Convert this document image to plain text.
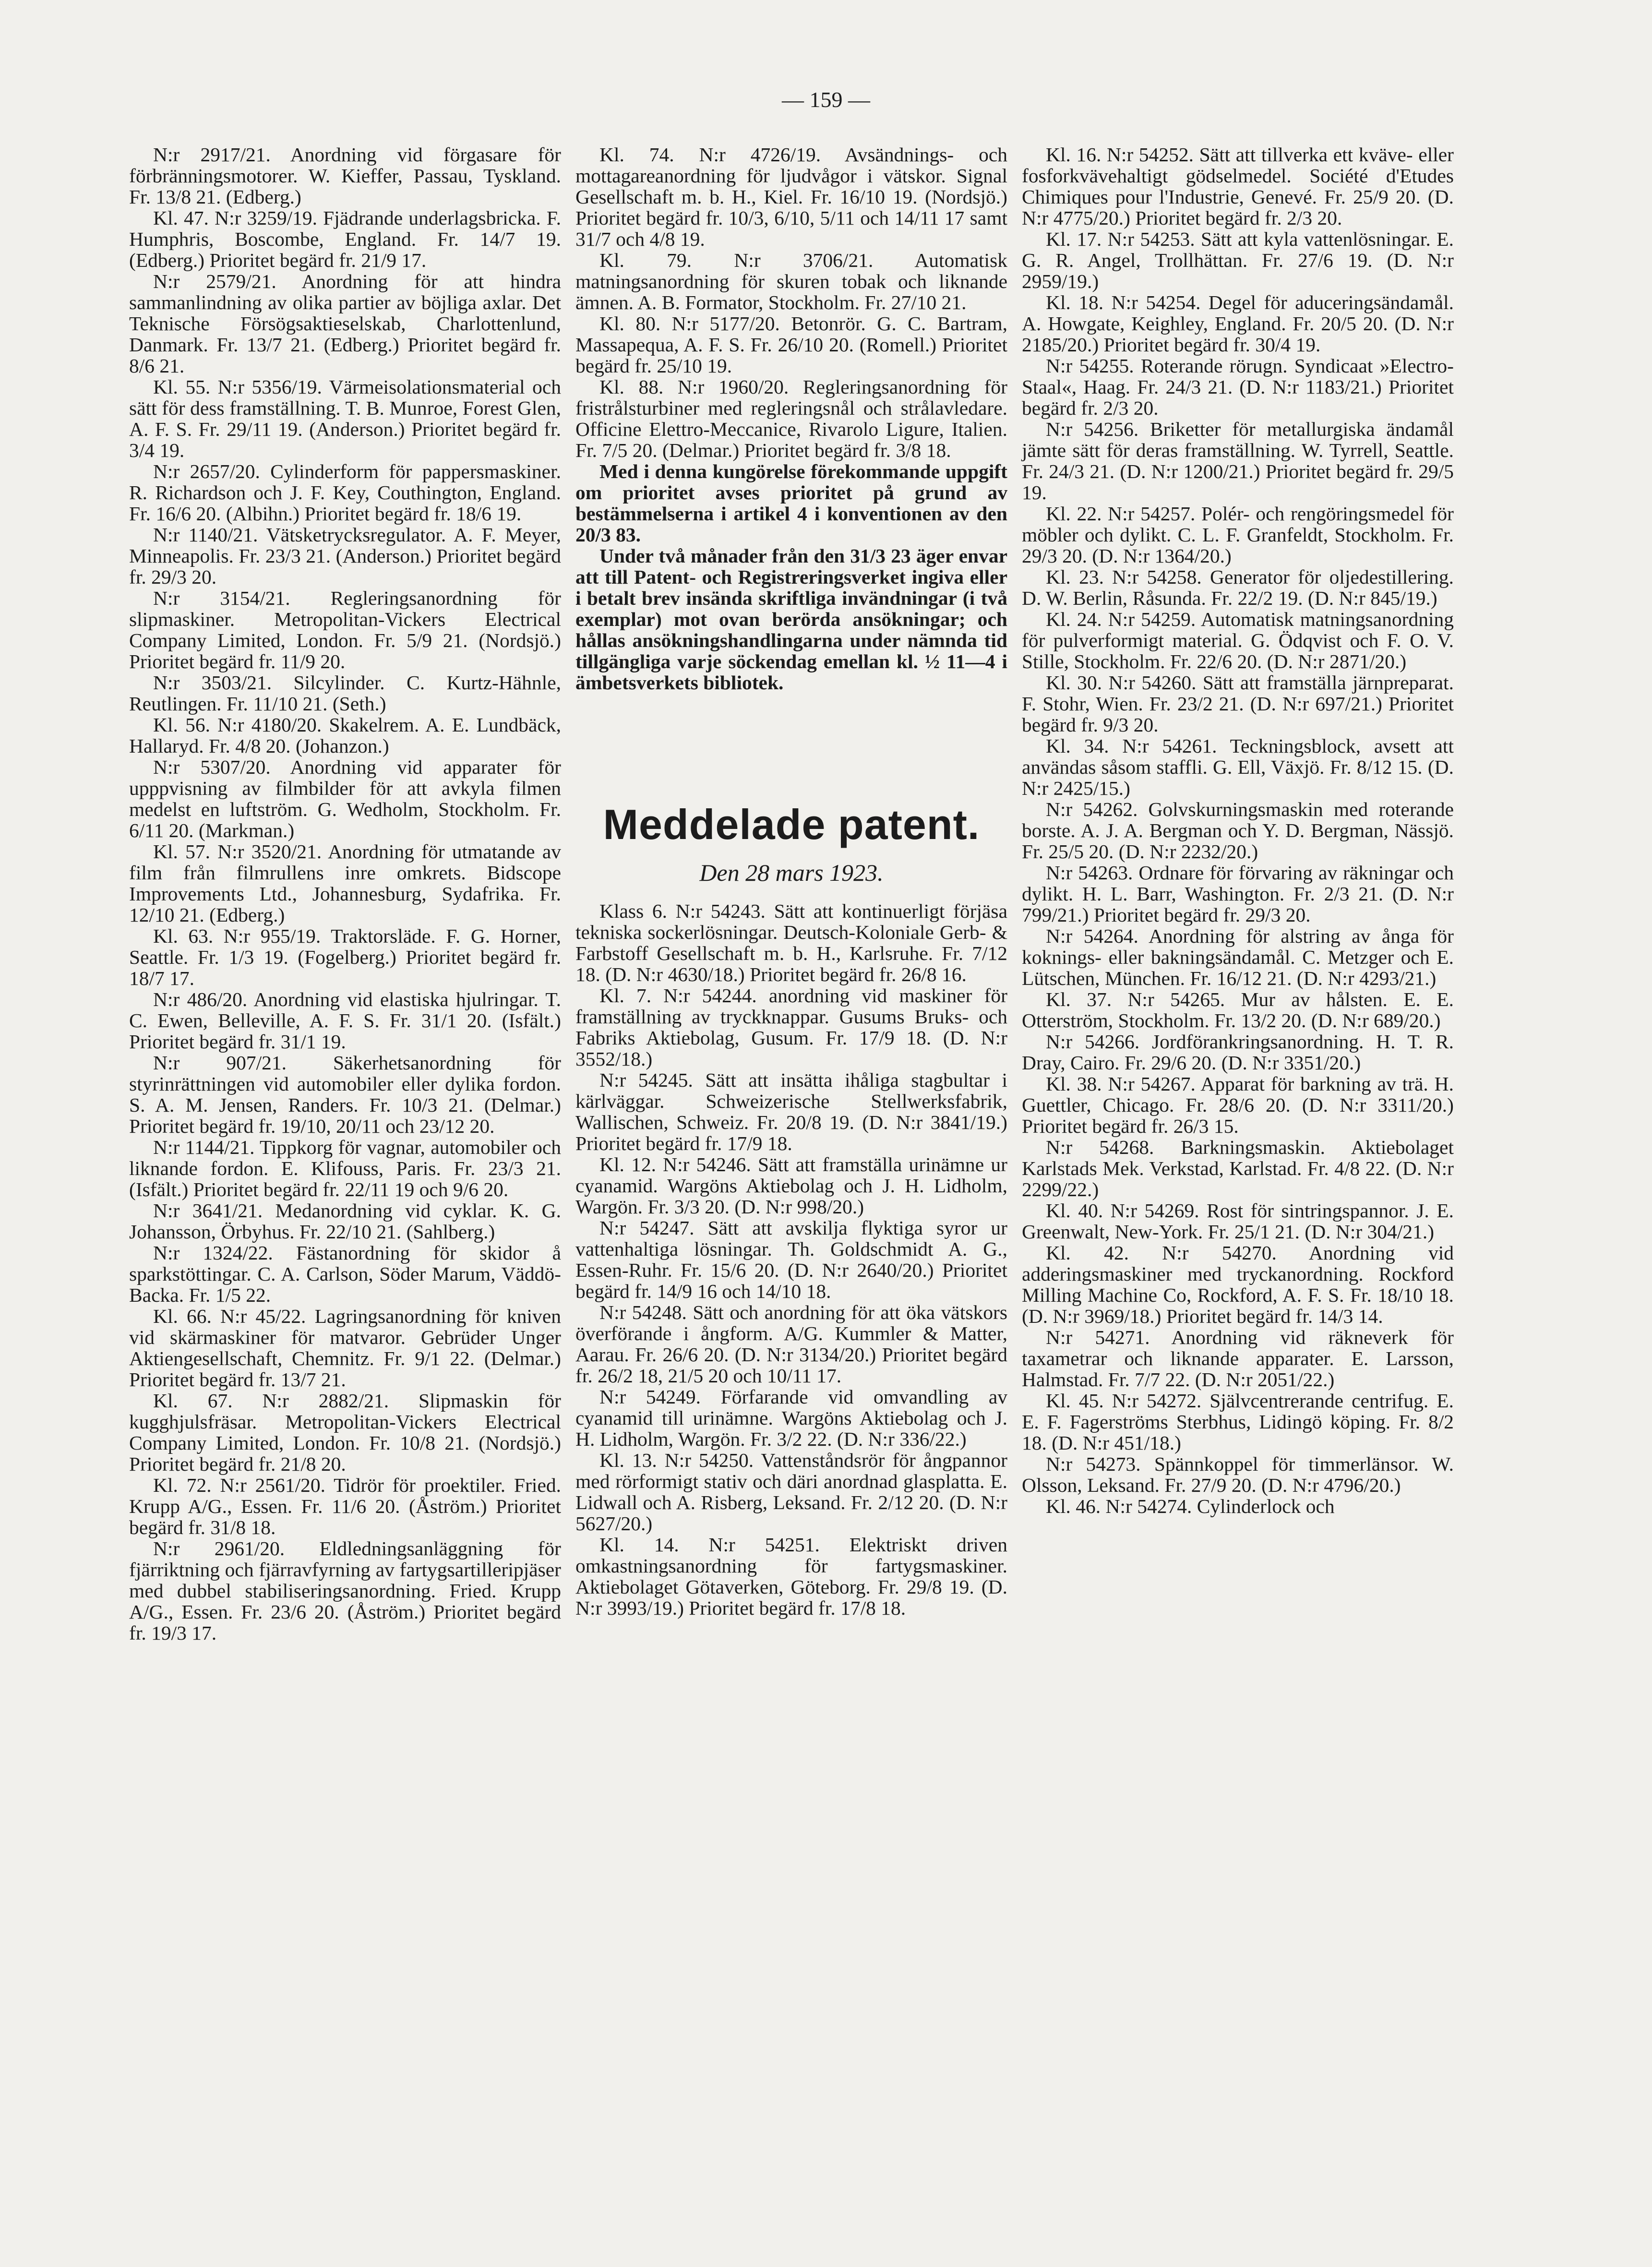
— 159 —

N:r 2917/21. Anordning vid förgasare för förbränningsmotorer. W. Kieffer, Passau, Tyskland. Fr. 13/8 21. (Edberg.)

Kl. 47. N:r 3259/19. Fjädrande underlagsbricka. F. Humphris, Boscombe, England. Fr. 14/7 19. (Edberg.) Prioritet begärd fr. 21/9 17.

N:r 2579/21. Anordning för att hindra sammanlindning av olika partier av böjliga axlar. Det Teknische Försögsaktieselskab, Charlottenlund, Danmark. Fr. 13/7 21. (Edberg.) Prioritet begärd fr. 8/6 21.

Kl. 55. N:r 5356/19. Värmeisolationsmaterial och sätt för dess framställning. T. B. Munroe, Forest Glen, A. F. S. Fr. 29/11 19. (Anderson.) Prioritet begärd fr. 3/4 19.

N:r 2657/20. Cylinderform för pappersmaskiner. R. Richardson och J. F. Key, Couthington, England. Fr. 16/6 20. (Albihn.) Prioritet begärd fr. 18/6 19.

N:r 1140/21. Vätsketrycksregulator. A. F. Meyer, Minneapolis. Fr. 23/3 21. (Anderson.) Prioritet begärd fr. 29/3 20.

N:r 3154/21. Regleringsanordning för slipmaskiner. Metropolitan-Vickers Electrical Company Limited, London. Fr. 5/9 21. (Nordsjö.) Prioritet begärd fr. 11/9 20.

N:r 3503/21. Silcylinder. C. Kurtz-Hähnle, Reutlingen. Fr. 11/10 21. (Seth.)

Kl. 56. N:r 4180/20. Skakelrem. A. E. Lundbäck, Hallaryd. Fr. 4/8 20. (Johanzon.)

N:r 5307/20. Anordning vid apparater för upppvisning av filmbilder för att avkyla filmen medelst en luftström. G. Wedholm, Stockholm. Fr. 6/11 20. (Markman.)

Kl. 57. N:r 3520/21. Anordning för utmatande av film från filmrullens inre omkrets. Bidscope Improvements Ltd., Johannesburg, Sydafrika. Fr. 12/10 21. (Edberg.)

Kl. 63. N:r 955/19. Traktorsläde. F. G. Horner, Seattle. Fr. 1/3 19. (Fogelberg.) Prioritet begärd fr. 18/7 17.

N:r 486/20. Anordning vid elastiska hjulringar. T. C. Ewen, Belleville, A. F. S. Fr. 31/1 20. (Isfält.) Prioritet begärd fr. 31/1 19.

N:r 907/21. Säkerhetsanordning för styrinrättningen vid automobiler eller dylika fordon. S. A. M. Jensen, Randers. Fr. 10/3 21. (Delmar.) Prioritet begärd fr. 19/10, 20/11 och 23/12 20.

N:r 1144/21. Tippkorg för vagnar, automobiler och liknande fordon. E. Klifouss, Paris. Fr. 23/3 21. (Isfält.) Prioritet begärd fr. 22/11 19 och 9/6 20.

N:r 3641/21. Medanordning vid cyklar. K. G. Johansson, Örbyhus. Fr. 22/10 21. (Sahlberg.)

N:r 1324/22. Fästanordning för skidor å sparkstöttingar. C. A. Carlson, Söder Marum, Väddö-Backa. Fr. 1/5 22.

Kl. 66. N:r 45/22. Lagringsanordning för kniven vid skärmaskiner för matvaror. Gebrüder Unger Aktiengesellschaft, Chemnitz. Fr. 9/1 22. (Delmar.) Prioritet begärd fr. 13/7 21.

Kl. 67. N:r 2882/21. Slipmaskin för kugghjulsfräsar. Metropolitan-Vickers Electrical Company Limited, London. Fr. 10/8 21. (Nordsjö.) Prioritet begärd fr. 21/8 20.

Kl. 72. N:r 2561/20. Tidrör för proektiler. Fried. Krupp A/G., Essen. Fr. 11/6 20. (Åström.) Prioritet begärd fr. 31/8 18.

N:r 2961/20. Eldledningsanläggning för fjärriktning och fjärravfyrning av fartygsartilleripjäser med dubbel stabiliseringsanordning. Fried. Krupp A/G., Essen. Fr. 23/6 20. (Åström.) Prioritet begärd fr. 19/3 17.

Kl. 74. N:r 4726/19. Avsändnings- och mottagareanordning för ljudvågor i vätskor. Signal Gesellschaft m. b. H., Kiel. Fr. 16/10 19. (Nordsjö.) Prioritet begärd fr. 10/3, 6/10, 5/11 och 14/11 17 samt 31/7 och 4/8 19.

Kl. 79. N:r 3706/21. Automatisk matningsanordning för skuren tobak och liknande ämnen. A. B. Formator, Stockholm. Fr. 27/10 21.

Kl. 80. N:r 5177/20. Betonrör. G. C. Bartram, Massapequa, A. F. S. Fr. 26/10 20. (Romell.) Prioritet begärd fr. 25/10 19.

Kl. 88. N:r 1960/20. Regleringsanordning för fristrålsturbiner med regleringsnål och strålavledare. Officine Elettro-Meccanice, Rivarolo Ligure, Italien. Fr. 7/5 20. (Delmar.) Prioritet begärd fr. 3/8 18.

Med i denna kungörelse förekommande uppgift om prioritet avses prioritet på grund av bestämmelserna i artikel 4 i konventionen av den 20/3 83.

Under två månader från den 31/3 23 äger envar att till Patent- och Registreringsverket ingiva eller i betalt brev insända skriftliga invändningar (i två exemplar) mot ovan berörda ansökningar; och hållas ansökningshandlingarna under nämnda tid tillgängliga varje söckendag emellan kl. ½ 11—4 i ämbetsverkets bibliotek.

Meddelade patent.
Den 28 mars 1923.

Klass 6. N:r 54243. Sätt att kontinuerligt förjäsa tekniska sockerlösningar. Deutsch-Koloniale Gerb- & Farbstoff Gesellschaft m. b. H., Karlsruhe. Fr. 7/12 18. (D. N:r 4630/18.) Prioritet begärd fr. 26/8 16.

Kl. 7. N:r 54244. anordning vid maskiner för framställning av tryckknappar. Gusums Bruks- och Fabriks Aktiebolag, Gusum. Fr. 17/9 18. (D. N:r 3552/18.)

N:r 54245. Sätt att insätta ihåliga stagbultar i kärlväggar. Schweizerische Stellwerksfabrik, Wallischen, Schweiz. Fr. 20/8 19. (D. N:r 3841/19.) Prioritet begärd fr. 17/9 18.

Kl. 12. N:r 54246. Sätt att framställa urinämne ur cyanamid. Wargöns Aktiebolag och J. H. Lidholm, Wargön. Fr. 3/3 20. (D. N:r 998/20.)

N:r 54247. Sätt att avskilja flyktiga syror ur vattenhaltiga lösningar. Th. Goldschmidt A. G., Essen-Ruhr. Fr. 15/6 20. (D. N:r 2640/20.) Prioritet begärd fr. 14/9 16 och 14/10 18.

N:r 54248. Sätt och anordning för att öka vätskors överförande i ångform. A/G. Kummler & Matter, Aarau. Fr. 26/6 20. (D. N:r 3134/20.) Prioritet begärd fr. 26/2 18, 21/5 20 och 10/11 17.

N:r 54249. Förfarande vid omvandling av cyanamid till urinämne. Wargöns Aktiebolag och J. H. Lidholm, Wargön. Fr. 3/2 22. (D. N:r 336/22.)

Kl. 13. N:r 54250. Vattenståndsrör för ångpannor med rörformigt stativ och däri anordnad glasplatta. E. Lidwall och A. Risberg, Leksand. Fr. 2/12 20. (D. N:r 5627/20.)

Kl. 14. N:r 54251. Elektriskt driven omkastningsanordning för fartygsmaskiner. Aktiebolaget Götaverken, Göteborg. Fr. 29/8 19. (D. N:r 3993/19.) Prioritet begärd fr. 17/8 18.

Kl. 16. N:r 54252. Sätt att tillverka ett kväve- eller fosforkvävehaltigt gödselmedel. Société d'Etudes Chimiques pour l'Industrie, Genevé. Fr. 25/9 20. (D. N:r 4775/20.) Prioritet begärd fr. 2/3 20.

Kl. 17. N:r 54253. Sätt att kyla vattenlösningar. E. G. R. Angel, Trollhättan. Fr. 27/6 19. (D. N:r 2959/19.)

Kl. 18. N:r 54254. Degel för aduceringsändamål. A. Howgate, Keighley, England. Fr. 20/5 20. (D. N:r 2185/20.) Prioritet begärd fr. 30/4 19.

N:r 54255. Roterande rörugn. Syndicaat »Electro-Staal«, Haag. Fr. 24/3 21. (D. N:r 1183/21.) Prioritet begärd fr. 2/3 20.

N:r 54256. Briketter för metallurgiska ändamål jämte sätt för deras framställning. W. Tyrrell, Seattle. Fr. 24/3 21. (D. N:r 1200/21.) Prioritet begärd fr. 29/5 19.

Kl. 22. N:r 54257. Polér- och rengöringsmedel för möbler och dylikt. C. L. F. Granfeldt, Stockholm. Fr. 29/3 20. (D. N:r 1364/20.)

Kl. 23. N:r 54258. Generator för oljedestillering. D. W. Berlin, Råsunda. Fr. 22/2 19. (D. N:r 845/19.)

Kl. 24. N:r 54259. Automatisk matningsanordning för pulverformigt material. G. Ödqvist och F. O. V. Stille, Stockholm. Fr. 22/6 20. (D. N:r 2871/20.)

Kl. 30. N:r 54260. Sätt att framställa järnpreparat. F. Stohr, Wien. Fr. 23/2 21. (D. N:r 697/21.) Prioritet begärd fr. 9/3 20.

Kl. 34. N:r 54261. Teckningsblock, avsett att användas såsom staffli. G. Ell, Växjö. Fr. 8/12 15. (D. N:r 2425/15.)

N:r 54262. Golvskurningsmaskin med roterande borste. A. J. A. Bergman och Y. D. Bergman, Nässjö. Fr. 25/5 20. (D. N:r 2232/20.)

N:r 54263. Ordnare för förvaring av räkningar och dylikt. H. L. Barr, Washington. Fr. 2/3 21. (D. N:r 799/21.) Prioritet begärd fr. 29/3 20.

N:r 54264. Anordning för alstring av ånga för koknings- eller bakningsändamål. C. Metzger och E. Lütschen, München. Fr. 16/12 21. (D. N:r 4293/21.)

Kl. 37. N:r 54265. Mur av hålsten. E. E. Otterström, Stockholm. Fr. 13/2 20. (D. N:r 689/20.)

N:r 54266. Jordförankringsanordning. H. T. R. Dray, Cairo. Fr. 29/6 20. (D. N:r 3351/20.)

Kl. 38. N:r 54267. Apparat för barkning av trä. H. Guettler, Chicago. Fr. 28/6 20. (D. N:r 3311/20.) Prioritet begärd fr. 26/3 15.

N:r 54268. Barkningsmaskin. Aktiebolaget Karlstads Mek. Verkstad, Karlstad. Fr. 4/8 22. (D. N:r 2299/22.)

Kl. 40. N:r 54269. Rost för sintringspannor. J. E. Greenwalt, New-York. Fr. 25/1 21. (D. N:r 304/21.)

Kl. 42. N:r 54270. Anordning vid adderingsmaskiner med tryckanordning. Rockford Milling Machine Co, Rockford, A. F. S. Fr. 18/10 18. (D. N:r 3969/18.) Prioritet begärd fr. 14/3 14.

N:r 54271. Anordning vid räkneverk för taxametrar och liknande apparater. E. Larsson, Halmstad. Fr. 7/7 22. (D. N:r 2051/22.)

Kl. 45. N:r 54272. Självcentrerande centrifug. E. E. F. Fagerströms Sterbhus, Lidingö köping. Fr. 8/2 18. (D. N:r 451/18.)

N:r 54273. Spännkoppel för timmerlänsor. W. Olsson, Leksand. Fr. 27/9 20. (D. N:r 4796/20.)

Kl. 46. N:r 54274. Cylinderlock och
